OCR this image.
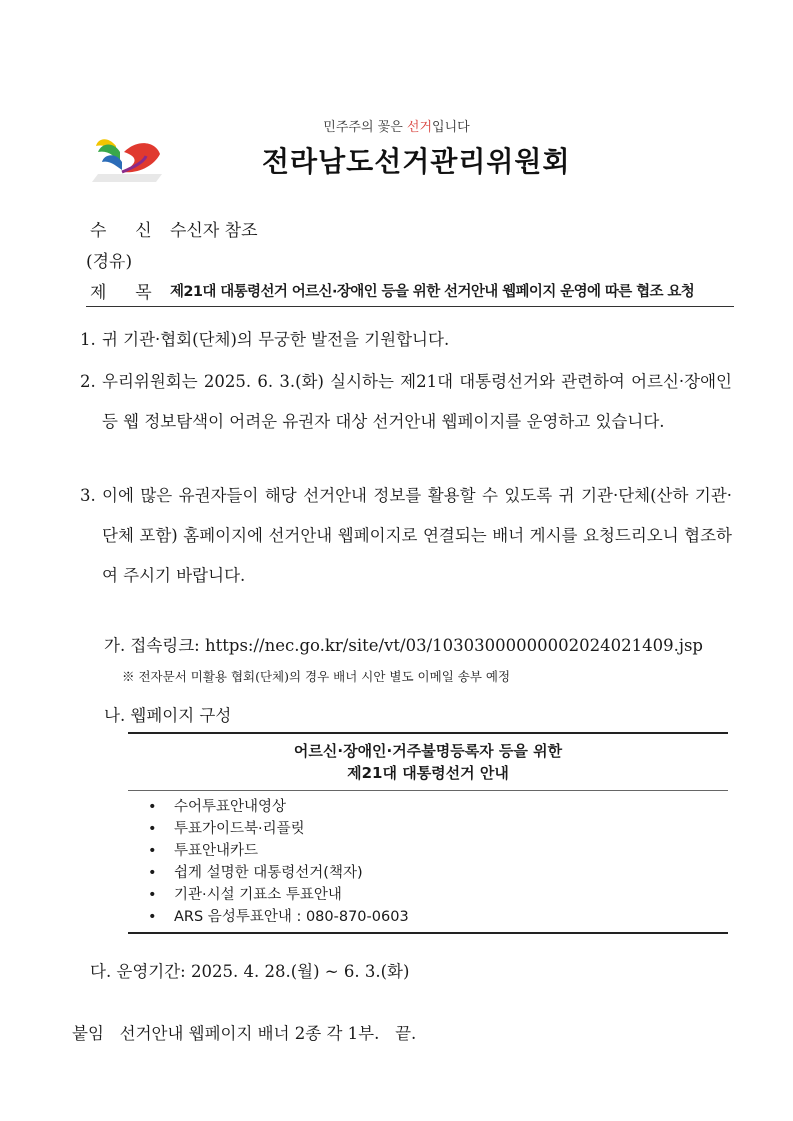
민주주의 꽃은 선거입니다
전라남도선거관리위원회
수  신 수신자 참조
(경유)
제  목 제21대 대통령선거 어르신·장애인 등을 위한 선거안내 웹페이지 운영에 따른 협조 요청
1. 귀 기관·협회(단체)의 무궁한 발전을 기원합니다.
2. 우리위원회는 2025. 6. 3.(화) 실시하는 제21대 대통령선거와 관련하여 어르신·장애인 등 웹 정보탐색이 어려운 유권자 대상 선거안내 웹페이지를 운영하고 있습니다.
3. 이에 많은 유권자들이 해당 선거안내 정보를 활용할 수 있도록 귀 기관·단체(산하 기관·단체 포함) 홈페이지에 선거안내 웹페이지로 연결되는 배너 게시를 요청드리오니 협조하여 주시기 바랍니다.
가. 접속링크: https://nec.go.kr/site/vt/03/10303000000002024021409.jsp
※ 전자문서 미활용 협회(단체)의 경우 배너 시안 별도 이메일 송부 예정
나. 웹페이지 구성
어르신·장애인·거주불명등록자 등을 위한
제21대 대통령선거 안내
• 수어투표안내영상
• 투표가이드북·리플릿
• 투표안내카드
• 쉽게 설명한 대통령선거(책자)
• 기관·시설 기표소 투표안내
• ARS 음성투표안내 : 080-870-0603
다. 운영기간: 2025. 4. 28.(월) ~ 6. 3.(화)
붙임 선거안내 웹페이지 배너 2종 각 1부. 끝.
